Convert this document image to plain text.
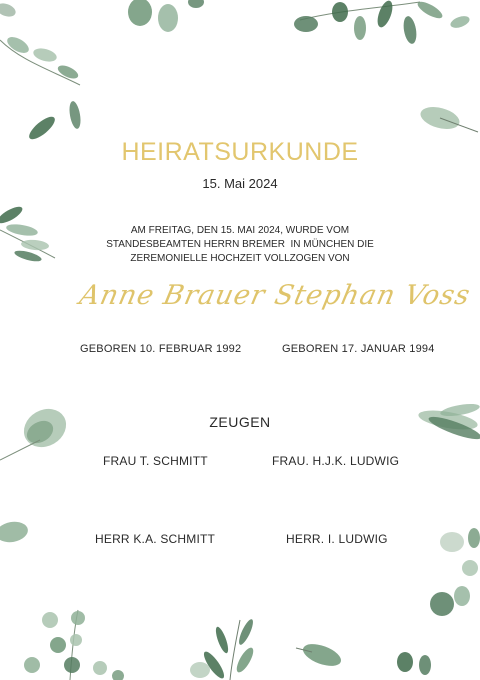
HEIRATSURKUNDE
15. Mai 2024
AM FREITAG, DEN 15. MAI 2024, WURDE VOM
STANDESBEAMTEN HERRN BREMER  IN MÜNCHEN DIE
ZEREMONIELLE HOCHZEIT VOLLZOGEN VON
Anne Brauer Stephan Voss
GEBOREN 10. FEBRUAR 1992	GEBOREN 17. JANUAR 1994
ZEUGEN
FRAU T. SCHMITT	FRAU. H.J.K. LUDWIG
HERR K.A. SCHMITT	HERR. I. LUDWIG
